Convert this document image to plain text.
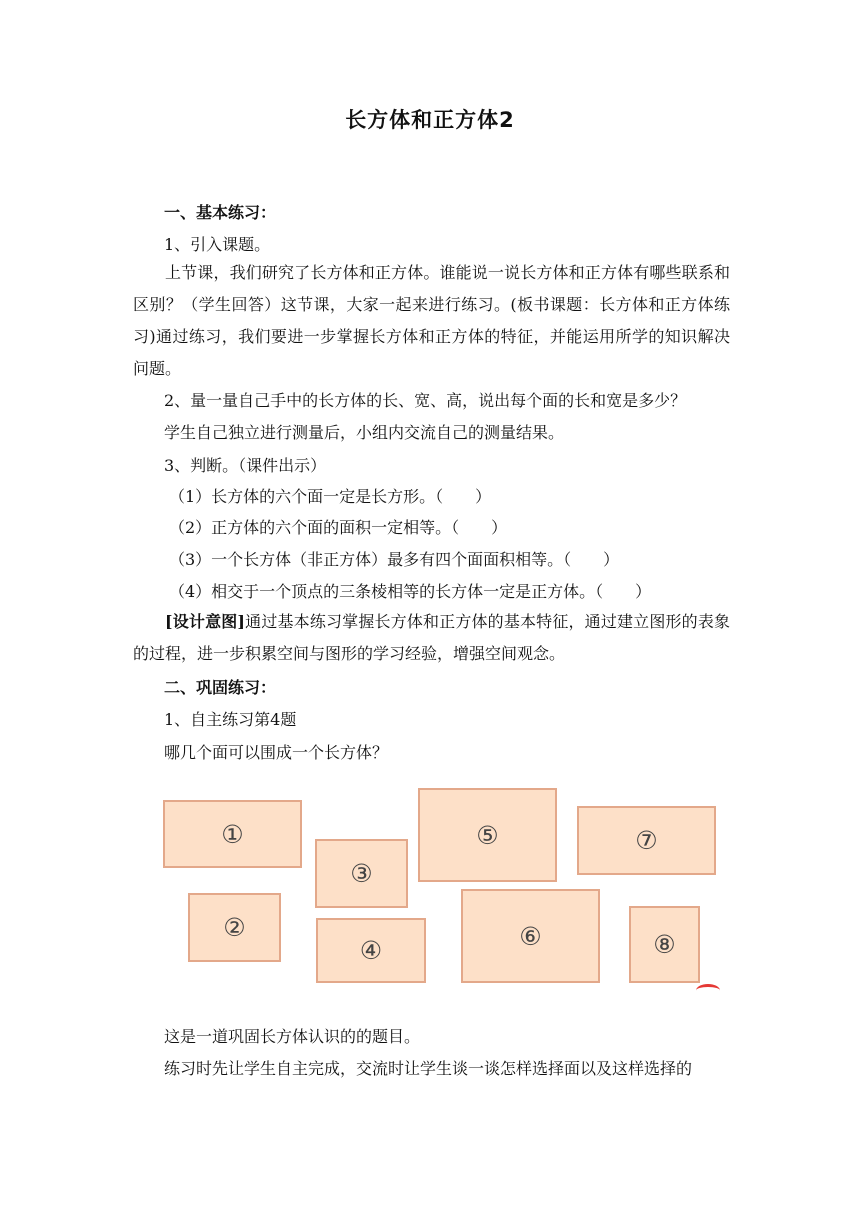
长方体和正方体2
一、基本练习：
1、引入课题。
上节课，我们研究了长方体和正方体。谁能说一说长方体和正方体有哪些联系和区别？（学生回答）这节课，大家一起来进行练习。(板书课题：长方体和正方体练习)通过练习，我们要进一步掌握长方体和正方体的特征，并能运用所学的知识解决问题。
2、量一量自己手中的长方体的长、宽、高，说出每个面的长和宽是多少？
学生自己独立进行测量后，小组内交流自己的测量结果。
3、判断。（课件出示）
（1）长方体的六个面一定是长方形。（　　）
（2）正方体的六个面的面积一定相等。（　　）
（3）一个长方体（非正方体）最多有四个面面积相等。（　　）
（4）相交于一个顶点的三条棱相等的长方体一定是正方体。（　　）
[设计意图]通过基本练习掌握长方体和正方体的基本特征，通过建立图形的表象的过程，进一步积累空间与图形的学习经验，增强空间观念。
二、巩固练习：
1、自主练习第4题
哪几个面可以围成一个长方体？
①
②
③
④
⑤
⑥
⑦
⑧
这是一道巩固长方体认识的的题目。
练习时先让学生自主完成，交流时让学生谈一谈怎样选择面以及这样选择的
